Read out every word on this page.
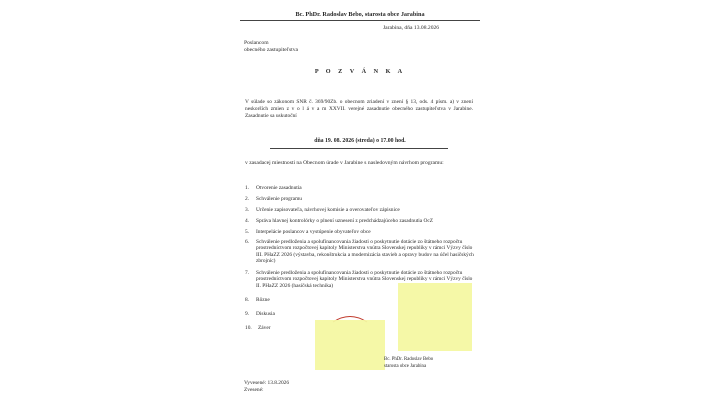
Bc. PhDr. Radoslav Bebo, starosta obce Jarabina
Jarabina, dňa 13.08.2026
Poslancom
obecného zastupiteľstva
P O Z V Á N K A
V súlade so zákonom SNR č. 369/90Zb. o obecnom zriadení v znení § 13, ods. 4 písm. a) v znení neskorších zmien z v o l á v a m XXVII. verejné zasadnutie obecného zastupiteľstva v Jarabine. Zasadnutie sa uskutoční
dňa 19. 08. 2026 (streda) o 17.00 hod.
v zasadacej miestnosti na Obecnom úrade v Jarabine s nasledovným návrhom programu:
1.	Otvorenie zasadnutia
2.	Schválenie programu
3.	Určenie zapisovateľa, návrhovej komisie a overovateľov zápisnice
4.	Správa hlavnej kontrolórky o plnení uznesení z predchádzajúceho zasadnutia OcZ
5.	Interpelácie poslancov a vystúpenie obyvateľov obce
6.	Schválenie predloženia a spolufinancovania žiadosti o poskytnutie dotácie zo štátneho rozpočtu prostredníctvom rozpočtovej kapitoly Ministerstva vnútra Slovenskej republiky v rámci Výzvy číslo III. PHaZZ 2026 (výstavba, rekonštrukcia a modernizácia stavieb a opravy budov na účel hasičských zbrojníc)
7.	Schválenie predloženia a spolufinancovania žiadosti o poskytnutie dotácie zo štátneho rozpočtu prostredníctvom rozpočtovej kapitoly Ministerstva vnútra Slovenskej republiky v rámci Výzvy číslo II. PHaZZ 2026 (hasičská technika)
8.	Rôzne
9.	Diskusia
10.	Záver
Bc. PhDr. Radoslav Bebo
starosta obce Jarabina
Vyvesené: 13.8.2026
Zvesené:
